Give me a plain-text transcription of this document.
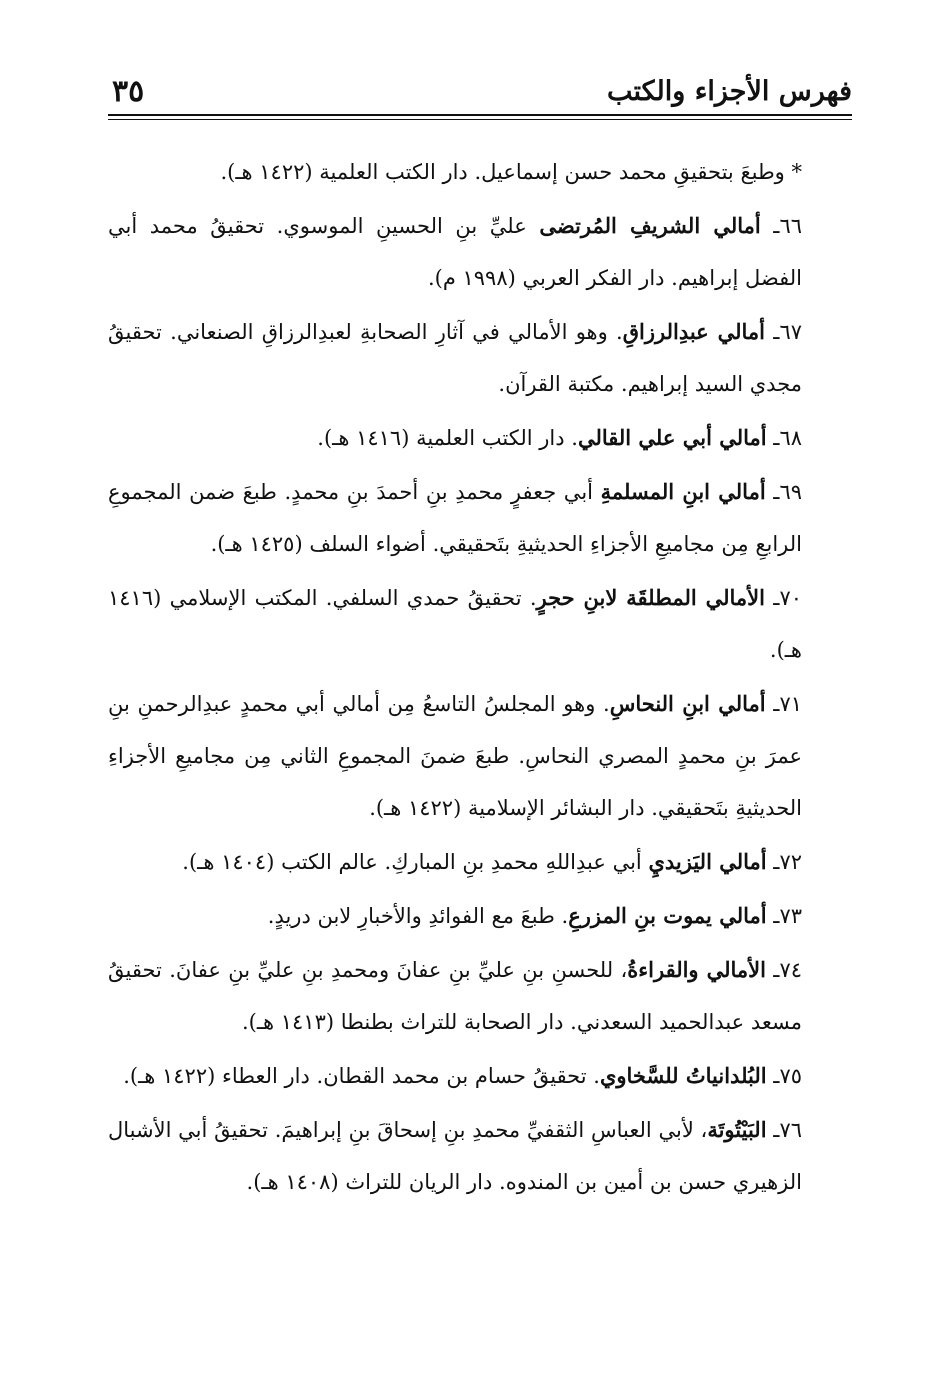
فهرس الأجزاء والكتب
٣٥

* وطبعَ بتحقيقِ محمد حسن إسماعيل. دار الكتب العلمية (١٤٢٢ هـ).

٦٦ـ أمالي الشريفِ المُرتضى عليِّ بنِ الحسينِ الموسوي. تحقيقُ محمد أبي الفضل إبراهيم. دار الفكر العربي (١٩٩٨ م).

٦٧ـ أمالي عبدِالرزاقِ. وهو الأمالي في آثارِ الصحابةِ لعبدِالرزاقِ الصنعاني. تحقيقُ مجدي السيد إبراهيم. مكتبة القرآن.

٦٨ـ أمالي أبي علي القالي. دار الكتب العلمية (١٤١٦ هـ).

٦٩ـ أمالي ابنِ المسلمةِ أبي جعفرٍ محمدِ بنِ أحمدَ بنِ محمدٍ. طبعَ ضمن المجموعِ الرابعِ مِن مجاميعِ الأجزاءِ الحديثيةِ بتَحقيقي. أضواء السلف (١٤٢٥ هـ).

٧٠ـ الأمالي المطلقَة لابنِ حجرٍ. تحقيقُ حمدي السلفي. المكتب الإسلامي (١٤١٦ هـ).

٧١ـ أمالي ابنِ النحاسِ. وهو المجلسُ التاسعُ مِن أمالي أبي محمدٍ عبدِالرحمنِ بنِ عمرَ بنِ محمدٍ المصري النحاسِ. طبعَ ضمنَ المجموعِ الثاني مِن مجاميعِ الأجزاءِ الحديثيةِ بتَحقيقي. دار البشائر الإسلامية (١٤٢٢ هـ).

٧٢ـ أمالي اليَزيديِ أبي عبدِاللهِ محمدِ بنِ المباركِ. عالم الكتب (١٤٠٤ هـ).

٧٣ـ أمالي يموت بنِ المزرعِ. طبعَ مع الفوائدِ والأخبارِ لابن دريدٍ.

٧٤ـ الأمالي والقراءةُ، للحسنِ بنِ عليِّ بنِ عفانَ ومحمدِ بنِ عليِّ بنِ عفانَ. تحقيقُ مسعد عبدالحميد السعدني. دار الصحابة للتراث بطنطا (١٤١٣ هـ).

٧٥ـ البُلدانياتُ للسَّخاوي. تحقيقُ حسام بن محمد القطان. دار العطاء (١٤٢٢ هـ).

٧٦ـ البَيْتُوتَة، لأبي العباسِ الثقفيِّ محمدِ بنِ إسحاقَ بنِ إبراهيمَ. تحقيقُ أبي الأشبال الزهيري حسن بن أمين بن المندوه. دار الريان للتراث (١٤٠٨ هـ).
